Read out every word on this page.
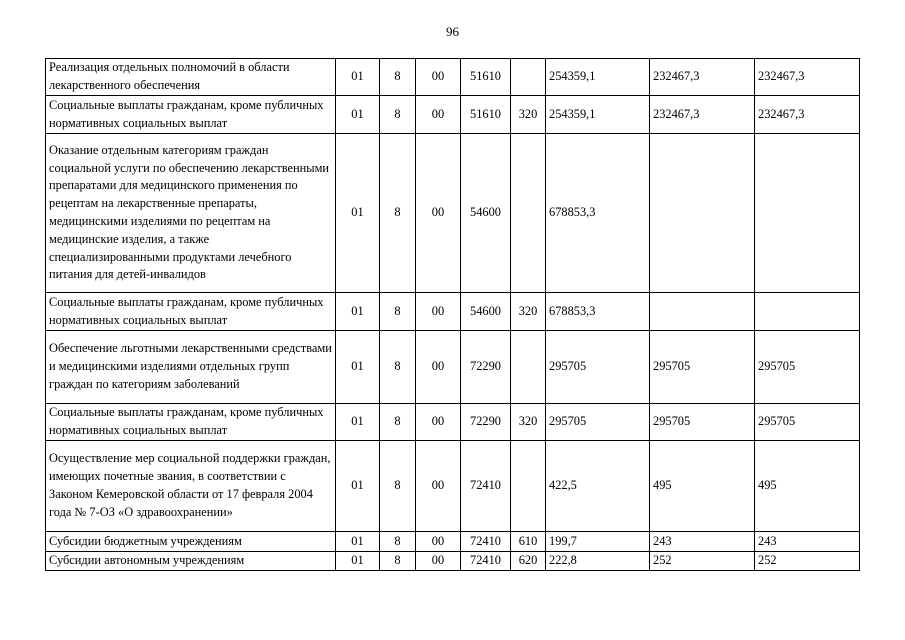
96
Реализация отдельных полномочий в области лекарственного обеспечения	01	8	00	51610		254359,1	232467,3	232467,3
Социальные выплаты гражданам, кроме публичных нормативных социальных выплат	01	8	00	51610	320	254359,1	232467,3	232467,3
Оказание отдельным категориям граждан социальной услуги по обеспечению лекарственными препаратами для медицинского применения по рецептам на лекарственные препараты, медицинскими изделиями по рецептам на медицинские изделия, а также специализированными продуктами лечебного питания для детей-инвалидов	01	8	00	54600		678853,3		
Социальные выплаты гражданам, кроме публичных нормативных социальных выплат	01	8	00	54600	320	678853,3		
Обеспечение льготными лекарственными средствами и медицинскими изделиями отдельных групп граждан по категориям заболеваний	01	8	00	72290		295705	295705	295705
Социальные выплаты гражданам, кроме публичных нормативных социальных выплат	01	8	00	72290	320	295705	295705	295705
Осуществление мер социальной поддержки граждан, имеющих почетные звания, в соответствии с Законом Кемеровской области от 17 февраля 2004 года № 7-ОЗ «О здравоохранении»	01	8	00	72410		422,5	495	495
Субсидии бюджетным учреждениям	01	8	00	72410	610	199,7	243	243
Субсидии автономным учреждениям	01	8	00	72410	620	222,8	252	252
